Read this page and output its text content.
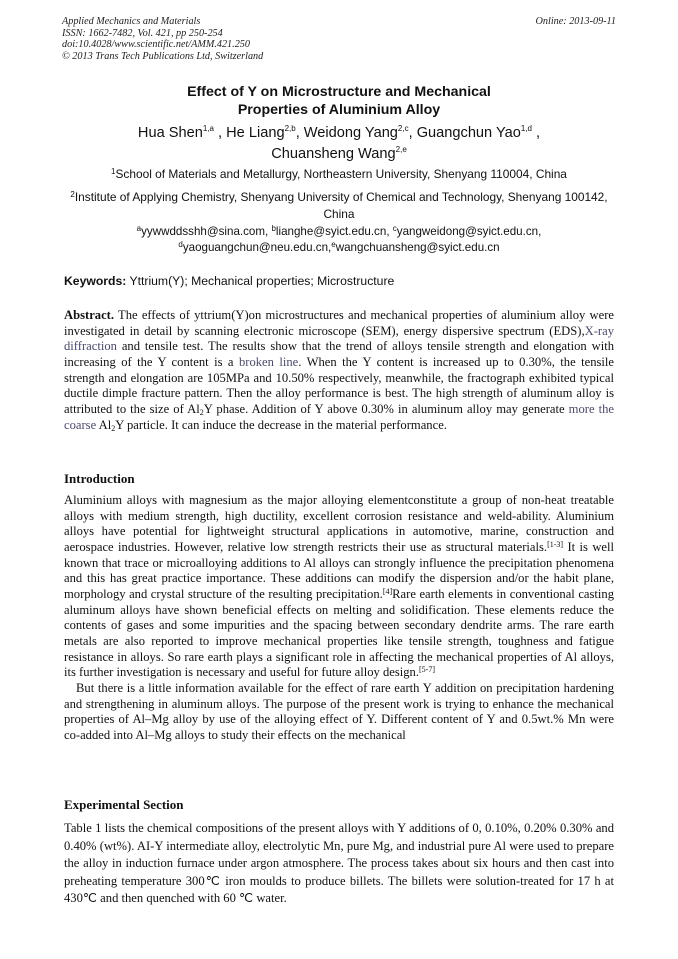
Applied Mechanics and Materials
ISSN: 1662-7482, Vol. 421, pp 250-254
doi:10.4028/www.scientific.net/AMM.421.250
© 2013 Trans Tech Publications Ltd, Switzerland
Online: 2013-09-11
Effect of Y on Microstructure and Mechanical
Properties of Aluminium Alloy
Hua Shen$^{1,a}$ , He Liang$^{2,b}$, Weidong Yang$^{2,c}$, Guangchun Yao$^{1,d}$ ,
Chuansheng Wang$^{2,e}$
$^1$School of Materials and Metallurgy, Northeastern University, Shenyang 110004, China
$^2$Institute of Applying Chemistry, Shenyang University of Chemical and Technology, Shenyang 100142, China
$^a$yywwddsshh@sina.com, $^b$lianghe@syict.edu.cn, $^c$yangweidong@syict.edu.cn,
$^d$yaoguangchun@neu.edu.cn,$^e$wangchuansheng@syict.edu.cn
Keywords: Yttrium(Y); Mechanical properties; Microstructure
Abstract. The effects of yttrium(Y)on microstructures and mechanical properties of aluminium alloy were investigated in detail by scanning electronic microscope (SEM), energy dispersive spectrum (EDS),X-ray diffraction and tensile test. The results show that the trend of alloys tensile strength and elongation with increasing of the Y content is a broken line. When the Y content is increased up to 0.30%, the tensile strength and elongation are 105MPa and 10.50% respectively, meanwhile, the fractograph exhibited typical ductile dimple fracture pattern. Then the alloy performance is best. The high strength of aluminum alloy is attributed to the size of $Al_2Y$ phase. Addition of Y above 0.30% in aluminum alloy may generate more the coarse $Al_2Y$ particle. It can induce the decrease in the material performance.
Introduction

Aluminium alloys with magnesium as the major alloying elementconstitute a group of non-heat treatable alloys with medium strength, high ductility, excellent corrosion resistance and weld-ability. Aluminium alloys have potential for lightweight structural applications in automotive, marine, construction and aerospace industries. However, relative low strength restricts their use as structural materials.[1-3] It is well known that trace or microalloying additions to Al alloys can strongly influence the precipitation phenomena and this has great practice importance. These additions can modify the dispersion and/or the habit plane, morphology and crystal structure of the resulting precipitation.[4]Rare earth elements in conventional casting aluminum alloys have shown beneficial effects on melting and solidification. These elements reduce the contents of gases and some impurities and the spacing between secondary dendrite arms. The rare earth metals are also reported to improve mechanical properties like tensile strength, toughness and fatigue resistance in alloys. So rare earth plays a significant role in affecting the mechanical properties of Al alloys, its further investigation is necessary and useful for future alloy design.[5-7]

But there is a little information available for the effect of rare earth Y addition on precipitation hardening and strengthening in aluminum alloys. The purpose of the present work is trying to enhance the mechanical properties of Al–Mg alloy by use of the alloying effect of Y. Different content of Y and 0.5wt.% Mn were co-added into Al–Mg alloys to study their effects on the mechanical

Experimental Section

Table 1 lists the chemical compositions of the present alloys with Y additions of 0, 0.10%, 0.20% 0.30% and 0.40% (wt%). AI-Y intermediate alloy, electrolytic Mn, pure Mg, and industrial pure Al were used to prepare the alloy in induction furnace under argon atmosphere. The process takes about six hours and then cast into preheating temperature 300℃ iron moulds to produce billets. The billets were solution-treated for 17 h at 430℃ and then quenched with 60 ℃ water.
